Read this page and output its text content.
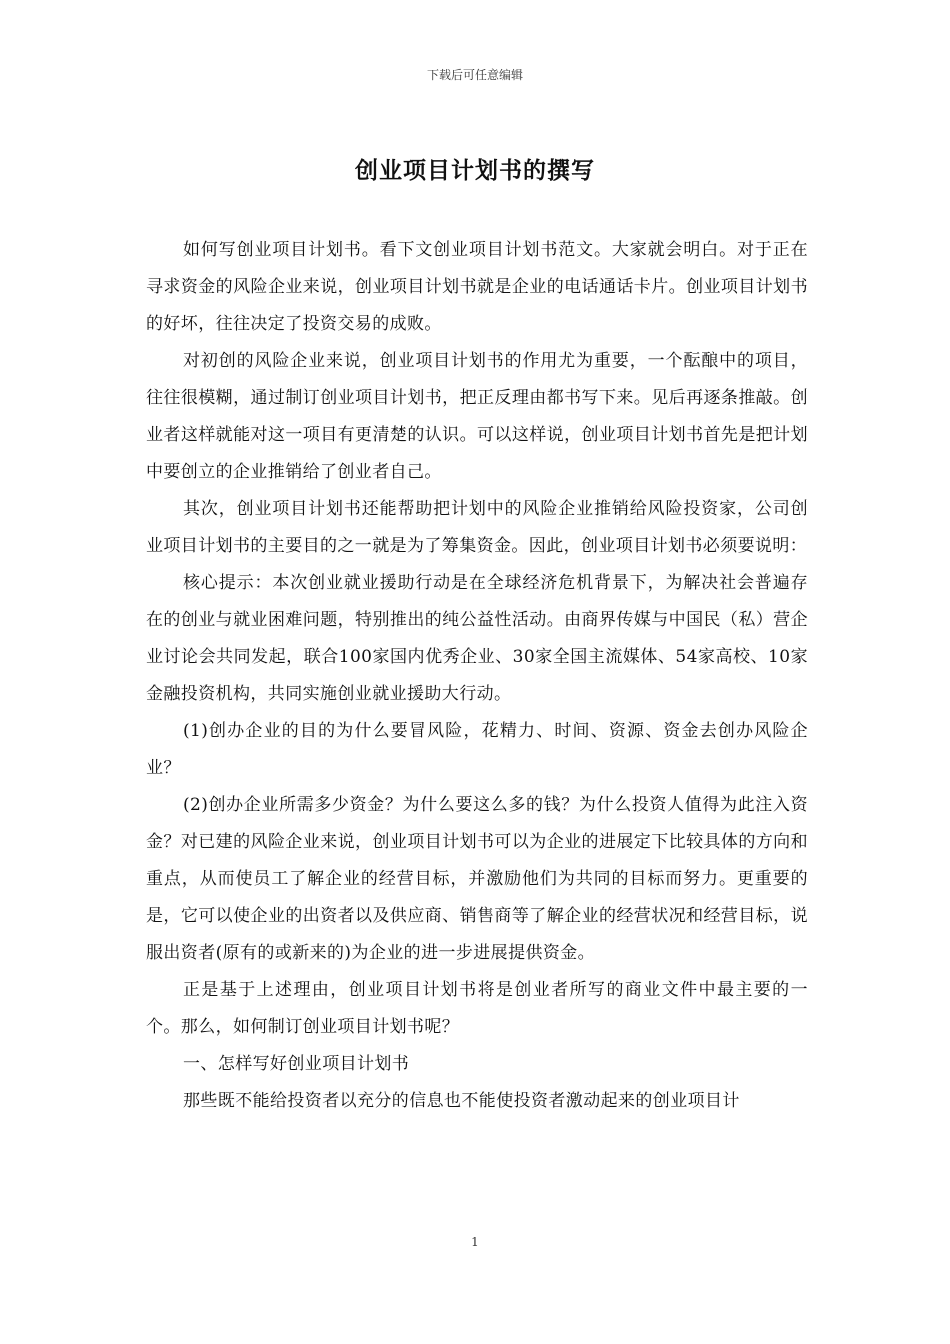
下载后可任意编辑
创业项目计划书的撰写

如何写创业项目计划书。看下文创业项目计划书范文。大家就会明白。对于正在寻求资金的风险企业来说，创业项目计划书就是企业的电话通话卡片。创业项目计划书的好坏，往往决定了投资交易的成败。

对初创的风险企业来说，创业项目计划书的作用尤为重要，一个酝酿中的项目，往往很模糊，通过制订创业项目计划书，把正反理由都书写下来。见后再逐条推敲。创业者这样就能对这一项目有更清楚的认识。可以这样说，创业项目计划书首先是把计划中要创立的企业推销给了创业者自己。

其次，创业项目计划书还能帮助把计划中的风险企业推销给风险投资家，公司创业项目计划书的主要目的之一就是为了筹集资金。因此，创业项目计划书必须要说明：

核心提示：本次创业就业援助行动是在全球经济危机背景下，为解决社会普遍存在的创业与就业困难问题，特别推出的纯公益性活动。由商界传媒与中国民（私）营企业讨论会共同发起，联合100家国内优秀企业、30家全国主流媒体、54家高校、10家金融投资机构，共同实施创业就业援助大行动。

(1)创办企业的目的为什么要冒风险，花精力、时间、资源、资金去创办风险企业？

(2)创办企业所需多少资金？为什么要这么多的钱？为什么投资人值得为此注入资金？对已建的风险企业来说，创业项目计划书可以为企业的进展定下比较具体的方向和重点，从而使员工了解企业的经营目标，并激励他们为共同的目标而努力。更重要的是，它可以使企业的出资者以及供应商、销售商等了解企业的经营状况和经营目标，说服出资者(原有的或新来的)为企业的进一步进展提供资金。

正是基于上述理由，创业项目计划书将是创业者所写的商业文件中最主要的一个。那么，如何制订创业项目计划书呢？

一、怎样写好创业项目计划书

那些既不能给投资者以充分的信息也不能使投资者激动起来的创业项目计

1
